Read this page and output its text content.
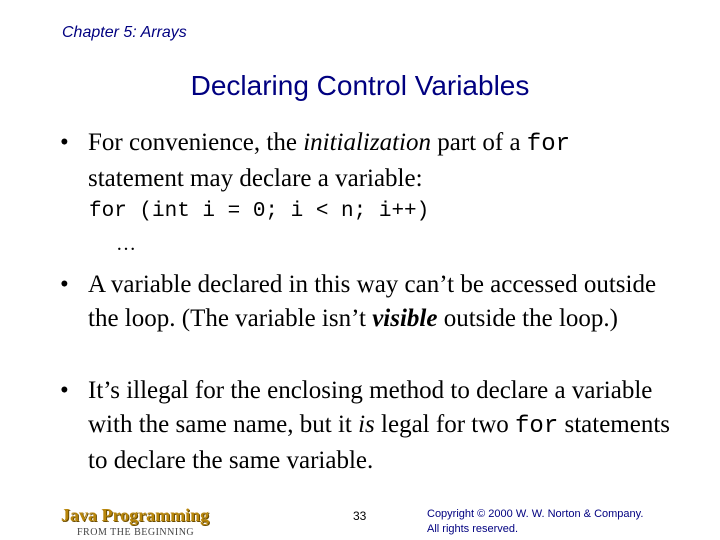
Chapter 5: Arrays
Declaring Control Variables
• For convenience, the initialization part of a for statement may declare a variable:
for (int i = 0; i < n; i++)
…
• A variable declared in this way can’t be accessed outside the loop. (The variable isn’t visible outside the loop.)
• It’s illegal for the enclosing method to declare a variable with the same name, but it is legal for two for statements to declare the same variable.
Java Programming
FROM THE BEGINNING
33	Copyright © 2000 W. W. Norton & Company.
All rights reserved.
